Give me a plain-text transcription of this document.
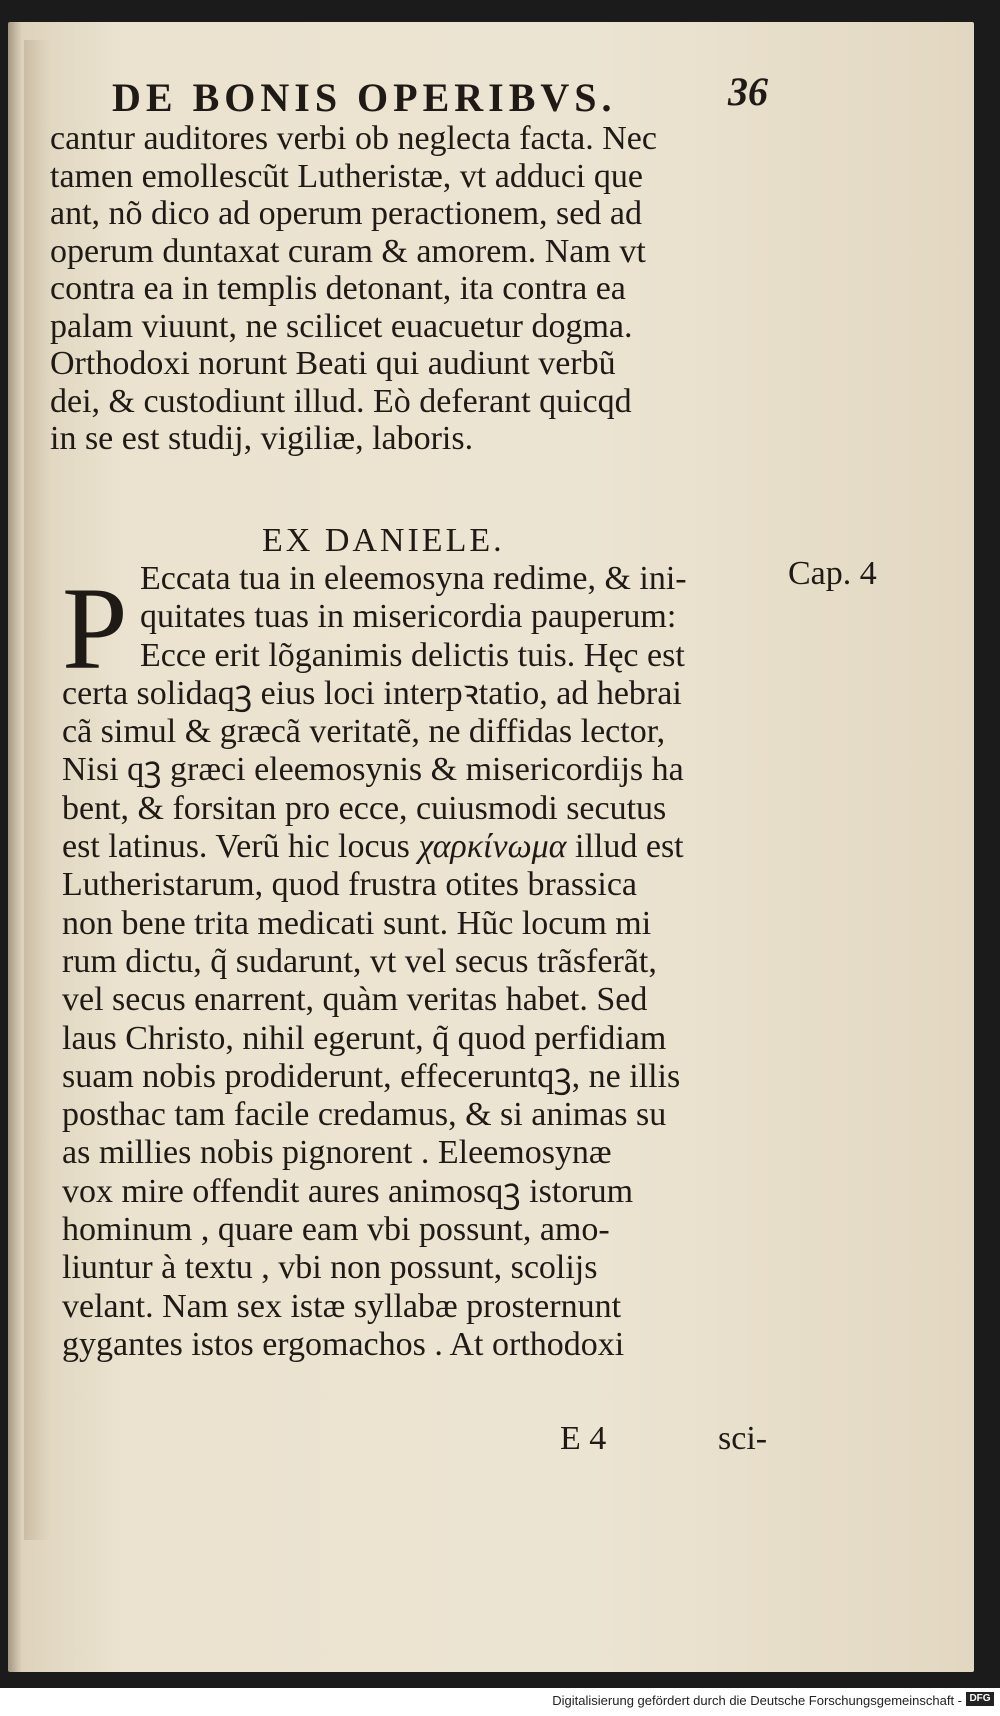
DE BONIS OPERIBVS.	36
cantur auditores verbi ob neglecta facta. Nec
tamen emollescũt Lutheristæ, vt adduci que
ant, nõ dico ad operum peractionem, sed ad
operum duntaxat curam & amorem. Nam vt
contra ea in templis detonant, ita contra ea
palam viuunt, ne scilicet euacuetur dogma.
Orthodoxi norunt Beati qui audiunt verbũ
dei, & custodiunt illud. Eò deferant quicqd
in se est studij, vigiliæ, laboris.
EX DANIELE.
Cap. 4
P Eccata tua in eleemosyna redime, & ini-
quitates tuas in misericordia pauperum:
Ecce erit lõganimis delictis tuis. Hęc est
certa solidaqꝫ eius loci interpꝛtatio, ad hebrai
cã simul & græcã veritatẽ, ne diffidas lector,
Nisi qꝫ græci eleemosynis & misericordijs ha
bent, & forsitan pro ecce, cuiusmodi secutus
est latinus. Verũ hic locus χαρκίνωμα illud est
Lutheristarum, quod frustra otites brassica
non bene trita medicati sunt. Hũc locum mi
rum dictu, q̃ sudarunt, vt vel secus trãsferãt,
vel secus enarrent, quàm veritas habet. Sed
laus Christo, nihil egerunt, q̃ quod perfidiam
suam nobis prodiderunt, effeceruntqꝫ, ne illis
posthac tam facile credamus, & si animas su
as millies nobis pignorent . Eleemosynæ
vox mire offendit aures animosqꝫ istorum
hominum , quare eam vbi possunt, amo-
liuntur à textu , vbi non possunt, scolijs
velant. Nam sex istæ syllabæ prosternunt
gygantes istos ergomachos . At orthodoxi
E 4	sci-
Digitalisierung gefördert durch die Deutsche Forschungsgemeinschaft - DFG
